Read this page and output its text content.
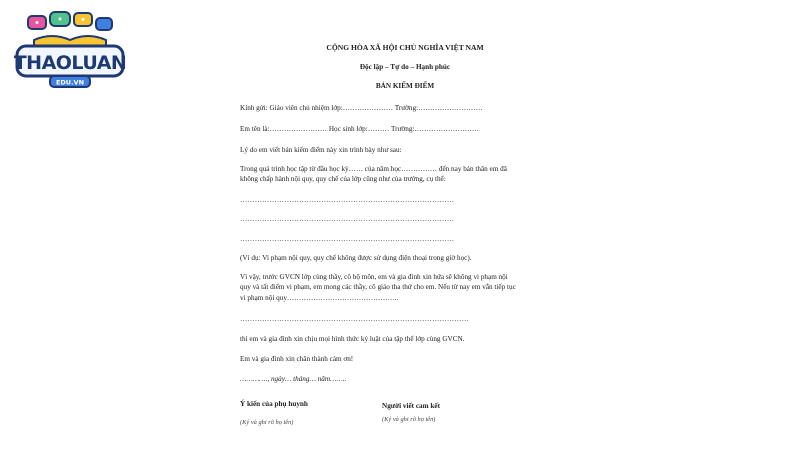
THAOLUAN
EDU.VN
CỘNG HÒA XÃ HỘI CHỦ NGHĨA VIỆT NAM
Độc lập – Tự do – Hạnh phúc
BẢN KIỂM ĐIỂM
Kính gửi: Giáo viên chủ nhiệm lớp:………………… Trường:………………………
Em tên là:…………………… Học sinh lớp:……… Trường:………………………
Lý do em viết bản kiểm điểm này xin trình bày như sau:
Trong quá trình học tập từ đầu học kỳ…… của năm học…………… đến nay bản thân em đã
không chấp hành nội quy, quy chế của lớp cũng như của trường, cụ thể:
……………………………………………………………………………
……………………………………………………………………………
……………………………………………………………………………
(Ví dụ: Vi phạm nội quy, quy chế không được sử dụng điện thoại trong giờ học).
Vì vậy, trước GVCN lớp cùng thầy, cô bộ môn, em và gia đình xin hứa sẽ không vi phạm nội
quy và tất điểm vi phạm, em mong các thầy, cô giáo tha thứ cho em. Nếu từ nay em vẫn tiếp tục
vi phạm nội quy………………………………………..
…………………………………………………………………………………
thì em và gia đình xin chịu mọi hình thức kỷ luật của tập thể lớp cùng GVCN.
Em và gia đình xin chân thành cảm ơn!
…………., ngày… tháng… năm……..
Ý kiến của phụ huynh
(Ký và ghi rõ họ tên)
Người viết cam kết
(Ký và ghi rõ họ tên)
